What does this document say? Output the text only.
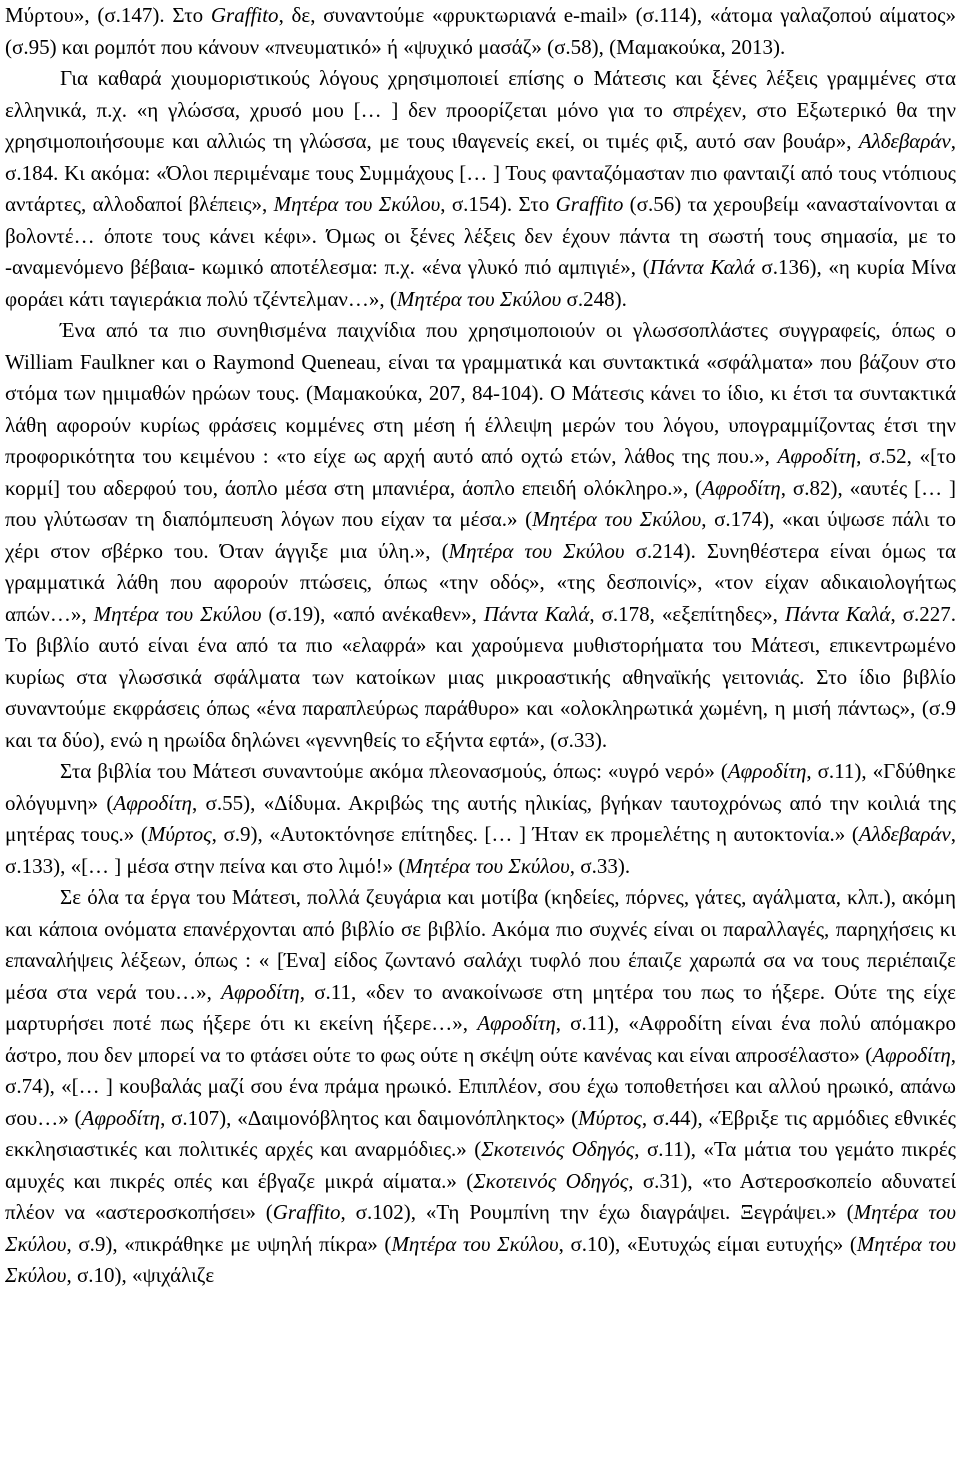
Μύρτου», (σ.147). Στο Graffito, δε, συναντούμε «φρυκτωριανά e-mail» (σ.114), «άτομα γαλαζοπού αίματος» (σ.95) και ρομπότ που κάνουν «πνευματικό» ή «ψυχικό μασάζ» (σ.58), (Μαμακούκα, 2013).

Για καθαρά χιουμοριστικούς λόγους χρησιμοποιεί επίσης ο Μάτεσις και ξένες λέξεις γραμμένες στα ελληνικά, π.χ. «η γλώσσα, χρυσό μου [… ] δεν προορίζεται μόνο για το σπρέχεν, στο Εξωτερικό θα την χρησιμοποιήσουμε και αλλιώς τη γλώσσα, με τους ιθαγενείς εκεί, οι τιμές φιξ, αυτό σαν βουάρ», Αλδεβαράν, σ.184. Κι ακόμα: «Όλοι περιμέναμε τους Συμμάχους [… ] Τους φανταζόμασταν πιο φανταιζί από τους ντόπιους αντάρτες, αλλοδαποί βλέπεις», Μητέρα του Σκύλου, σ.154). Στο Graffito (σ.56) τα χερουβείμ «ανασταίνονται α βολοντέ… όποτε τους κάνει κέφι». Όμως οι ξένες λέξεις δεν έχουν πάντα τη σωστή τους σημασία, με το -αναμενόμενο βέβαια- κωμικό αποτέλεσμα: π.χ. «ένα γλυκό πιό αμπιγιέ», (Πάντα Καλά σ.136), «η κυρία Μίνα φοράει κάτι ταγιεράκια πολύ τζέντελμαν…», (Μητέρα του Σκύλου σ.248).

Ένα από τα πιο συνηθισμένα παιχνίδια που χρησιμοποιούν οι γλωσσοπλάστες συγγραφείς, όπως ο William Faulkner και ο Raymond Queneau, είναι τα γραμματικά και συντακτικά «σφάλματα» που βάζουν στο στόμα των ημιμαθών ηρώων τους. (Μαμακούκα, 207, 84-104). Ο Μάτεσις κάνει το ίδιο, κι έτσι τα συντακτικά λάθη αφορούν κυρίως φράσεις κομμένες στη μέση ή έλλειψη μερών του λόγου, υπογραμμίζοντας έτσι την προφορικότητα του κειμένου : «το είχε ως αρχή αυτό από οχτώ ετών, λάθος της που.», Αφροδίτη, σ.52, «[το κορμί] του αδερφού του, άοπλο μέσα στη μπανιέρα, άοπλο επειδή ολόκληρο.», (Αφροδίτη, σ.82), «αυτές [… ] που γλύτωσαν τη διαπόμπευση λόγων που είχαν τα μέσα.» (Μητέρα του Σκύλου, σ.174), «και ύψωσε πάλι το χέρι στον σβέρκο του. Όταν άγγιξε μια ύλη.», (Μητέρα του Σκύλου σ.214). Συνηθέστερα είναι όμως τα γραμματικά λάθη που αφορούν πτώσεις, όπως «την οδός», «της δεσποινίς», «τον είχαν αδικαιολογήτως απών…», Μητέρα του Σκύλου (σ.19), «από ανέκαθεν», Πάντα Καλά, σ.178, «εξεπίτηδες», Πάντα Καλά, σ.227. Το βιβλίο αυτό είναι ένα από τα πιο «ελαφρά» και χαρούμενα μυθιστορήματα του Μάτεσι, επικεντρωμένο κυρίως στα γλωσσικά σφάλματα των κατοίκων μιας μικροαστικής αθηναϊκής γειτονιάς. Στο ίδιο βιβλίο συναντούμε εκφράσεις όπως «ένα παραπλεύρως παράθυρο» και «ολοκληρωτικά χωμένη, η μισή πάντως», (σ.9 και τα δύο), ενώ η ηρωίδα δηλώνει «γεννηθείς το εξήντα εφτά», (σ.33).

Στα βιβλία του Μάτεσι συναντούμε ακόμα πλεονασμούς, όπως: «υγρό νερό» (Αφροδίτη, σ.11), «Γδύθηκε ολόγυμνη» (Αφροδίτη, σ.55), «Δίδυμα. Ακριβώς της αυτής ηλικίας, βγήκαν ταυτοχρόνως από την κοιλιά της μητέρας τους.» (Μύρτος, σ.9), «Αυτοκτόνησε επίτηδες. [… ] Ήταν εκ προμελέτης η αυτοκτονία.» (Αλδεβαράν, σ.133), «[… ] μέσα στην πείνα και στο λιμό!» (Μητέρα του Σκύλου, σ.33).

Σε όλα τα έργα του Μάτεσι, πολλά ζευγάρια και μοτίβα (κηδείες, πόρνες, γάτες, αγάλματα, κλπ.), ακόμη και κάποια ονόματα επανέρχονται από βιβλίο σε βιβλίο. Ακόμα πιο συχνές είναι οι παραλλαγές, παρηχήσεις κι επαναλήψεις λέξεων, όπως : « [Ένα] είδος ζωντανό σαλάχι τυφλό που έπαιζε χαρωπά σα να τους περιέπαιζε μέσα στα νερά του…», Αφροδίτη, σ.11, «δεν το ανακοίνωσε στη μητέρα του πως το ήξερε. Ούτε της είχε μαρτυρήσει ποτέ πως ήξερε ότι κι εκείνη ήξερε…», Αφροδίτη, σ.11), «Αφροδίτη είναι ένα πολύ απόμακρο άστρο, που δεν μπορεί να το φτάσει ούτε το φως ούτε η σκέψη ούτε κανένας και είναι απροσέλαστο» (Αφροδίτη, σ.74), «[… ] κουβαλάς μαζί σου ένα πράμα ηρωικό. Επιπλέον, σου έχω τοποθετήσει και αλλού ηρωικό, απάνω σου…» (Αφροδίτη, σ.107), «Δαιμονόβλητος και δαιμονόπληκτος» (Μύρτος, σ.44), «Έβριξε τις αρμόδιες εθνικές εκκλησιαστικές και πολιτικές αρχές και αναρμόδιες.» (Σκοτεινός Οδηγός, σ.11), «Τα μάτια του γεμάτο πικρές αμυχές και πικρές οπές και έβγαζε μικρά αίματα.» (Σκοτεινός Οδηγός, σ.31), «το Αστεροσκοπείο αδυνατεί πλέον να «αστεροσκοπήσει» (Graffito, σ.102), «Τη Ρουμπίνη την έχω διαγράψει. Ξεγράψει.» (Μητέρα του Σκύλου, σ.9), «πικράθηκε με υψηλή πίκρα» (Μητέρα του Σκύλου, σ.10), «Ευτυχώς είμαι ευτυχής» (Μητέρα του Σκύλου, σ.10), «ψιχάλιζε
